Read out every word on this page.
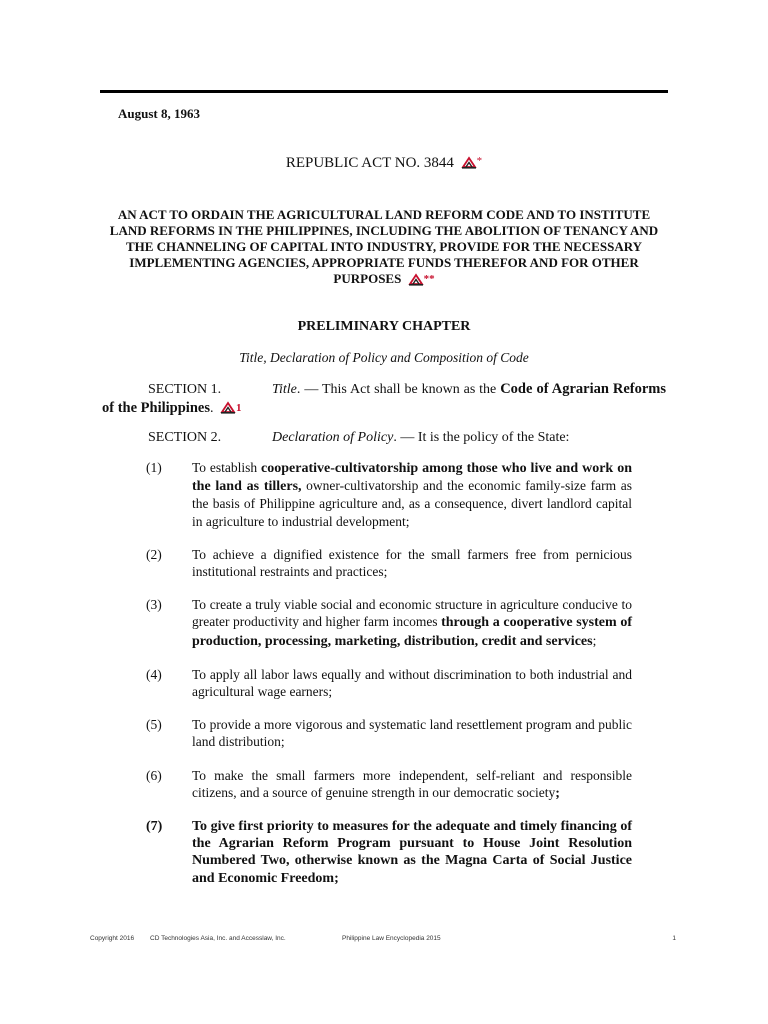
August 8, 1963
REPUBLIC ACT NO. 3844 *
AN ACT TO ORDAIN THE AGRICULTURAL LAND REFORM CODE AND TO INSTITUTE LAND REFORMS IN THE PHILIPPINES, INCLUDING THE ABOLITION OF TENANCY AND THE CHANNELING OF CAPITAL INTO INDUSTRY, PROVIDE FOR THE NECESSARY IMPLEMENTING AGENCIES, APPROPRIATE FUNDS THEREFOR AND FOR OTHER PURPOSES **
PRELIMINARY CHAPTER
Title, Declaration of Policy and Composition of Code
SECTION 1.	Title. — This Act shall be known as the Code of Agrarian Reforms of the Philippines. $^1$
SECTION 2.	Declaration of Policy. — It is the policy of the State:
(1)	To establish cooperative-cultivatorship among those who live and work on the land as tillers, owner-cultivatorship and the economic family-size farm as the basis of Philippine agriculture and, as a consequence, divert landlord capital in agriculture to industrial development;
(2)	To achieve a dignified existence for the small farmers free from pernicious institutional restraints and practices;
(3)	To create a truly viable social and economic structure in agriculture conducive to greater productivity and higher farm incomes through a cooperative system of production, processing, marketing, distribution, credit and services;
(4)	To apply all labor laws equally and without discrimination to both industrial and agricultural wage earners;
(5)	To provide a more vigorous and systematic land resettlement program and public land distribution;
(6)	To make the small farmers more independent, self-reliant and responsible citizens, and a source of genuine strength in our democratic society;
(7)	To give first priority to measures for the adequate and timely financing of the Agrarian Reform Program pursuant to House Joint Resolution Numbered Two, otherwise known as the Magna Carta of Social Justice and Economic Freedom;
Copyright 2016 CD Technologies Asia, Inc. and Accesslaw, Inc.	Philippine Law Encyclopedia 2015	1
